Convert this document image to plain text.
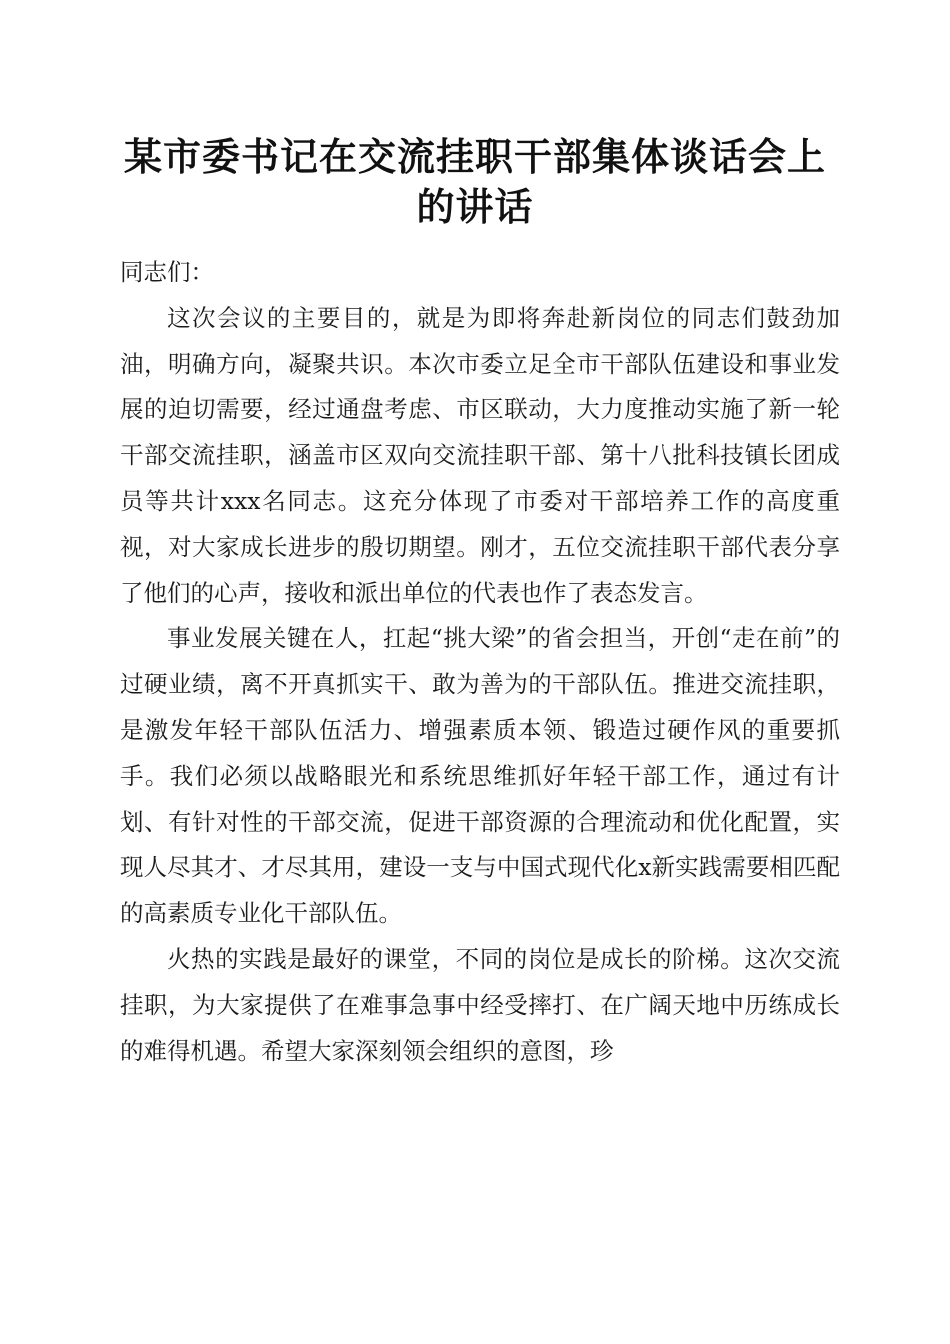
某市委书记在交流挂职干部集体谈话会上的讲话

同志们：

这次会议的主要目的，就是为即将奔赴新岗位的同志们鼓劲加油，明确方向，凝聚共识。本次市委立足全市干部队伍建设和事业发展的迫切需要，经过通盘考虑、市区联动，大力度推动实施了新一轮干部交流挂职，涵盖市区双向交流挂职干部、第十八批科技镇长团成员等共计xxx名同志。这充分体现了市委对干部培养工作的高度重视，对大家成长进步的殷切期望。刚才，五位交流挂职干部代表分享了他们的心声，接收和派出单位的代表也作了表态发言。

事业发展关键在人，扛起“挑大梁”的省会担当，开创“走在前”的过硬业绩，离不开真抓实干、敢为善为的干部队伍。推进交流挂职，是激发年轻干部队伍活力、增强素质本领、锻造过硬作风的重要抓手。我们必须以战略眼光和系统思维抓好年轻干部工作，通过有计划、有针对性的干部交流，促进干部资源的合理流动和优化配置，实现人尽其才、才尽其用，建设一支与中国式现代化x新实践需要相匹配的高素质专业化干部队伍。

火热的实践是最好的课堂，不同的岗位是成长的阶梯。这次交流挂职，为大家提供了在难事急事中经受摔打、在广阔天地中历练成长的难得机遇。希望大家深刻领会组织的意图，珍
